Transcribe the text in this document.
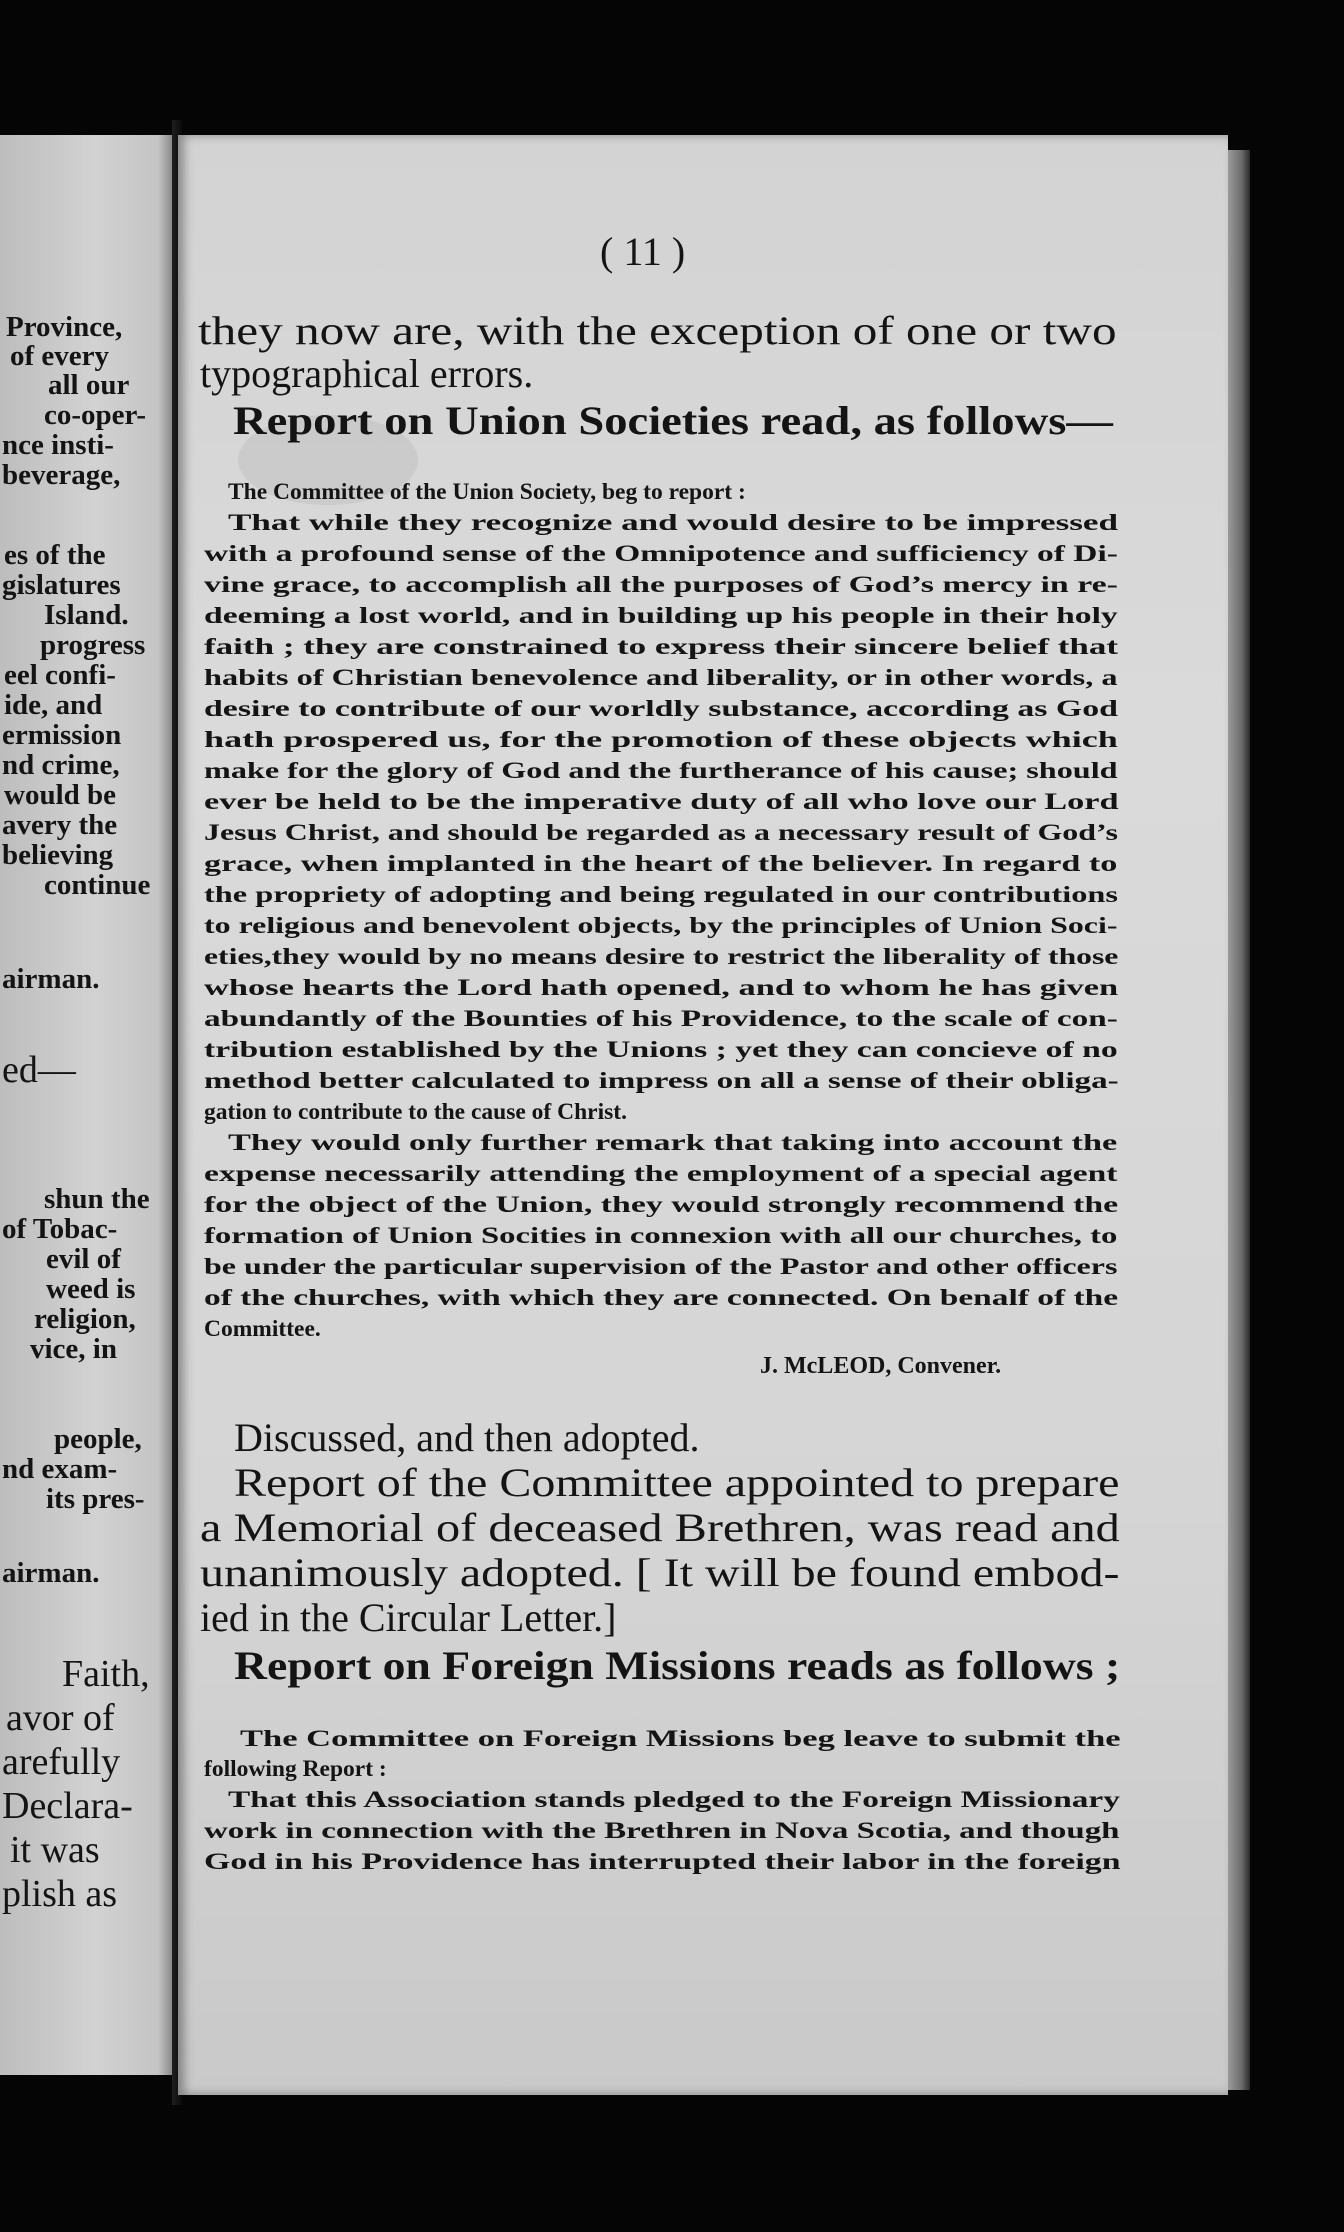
Province,

of every

all our

co-oper-

nce insti-

beverage,

es of the

gislatures

Island.

progress

eel confi-

ide, and

ermission

nd crime,

would be

avery the

believing

continue

airman.

ed—

shun the

of Tobac-

evil of

weed is

religion,

vice, in

people,

nd exam-

its pres-

airman.

Faith,

avor of

arefully

Declara-

it was

plish as

( 11 )

they now are, with the exception of one or two

typographical errors.

Report on Union Societies read, as follows—

The Committee of the Union Society, beg to report :

That while they recognize and would desire to be impressed

with a profound sense of the Omnipotence and sufficiency of Di-

vine grace, to accomplish all the purposes of God’s mercy in re-

deeming a lost world, and in building up his people in their holy

faith ; they are constrained to express their sincere belief that

habits of Christian benevolence and liberality, or in other words, a

desire to contribute of our worldly substance, according as God

hath prospered us, for the promotion of these objects which

make for the glory of God and the furtherance of his cause; should

ever be held to be the imperative duty of all who love our Lord

Jesus Christ, and should be regarded as a necessary result of God’s

grace, when implanted in the heart of the believer. In regard to

the propriety of adopting and being regulated in our contributions

to religious and benevolent objects, by the principles of Union Soci-

eties,they would by no means desire to restrict the liberality of those

whose hearts the Lord hath opened, and to whom he has given

abundantly of the Bounties of his Providence, to the scale of con-

tribution established by the Unions ; yet they can concieve of no

method better calculated to impress on all a sense of their obliga-

gation to contribute to the cause of Christ.

They would only further remark that taking into account the

expense necessarily attending the employment of a special agent

for the object of the Union, they would strongly recommend the

formation of Union Socities in connexion with all our churches, to

be under the particular supervision of the Pastor and other officers

of the churches, with which they are connected. On benalf of the

Committee.

J. McLEOD, Convener.

Discussed, and then adopted.

Report of the Committee appointed to prepare

a Memorial of deceased Brethren, was read and

unanimously adopted. [ It will be found embod-

ied in the Circular Letter.]

Report on Foreign Missions reads as follows ;

The Committee on Foreign Missions beg leave to submit the

following Report :

That this Association stands pledged to the Foreign Missionary

work in connection with the Brethren in Nova Scotia, and though

God in his Providence has interrupted their labor in the foreign
